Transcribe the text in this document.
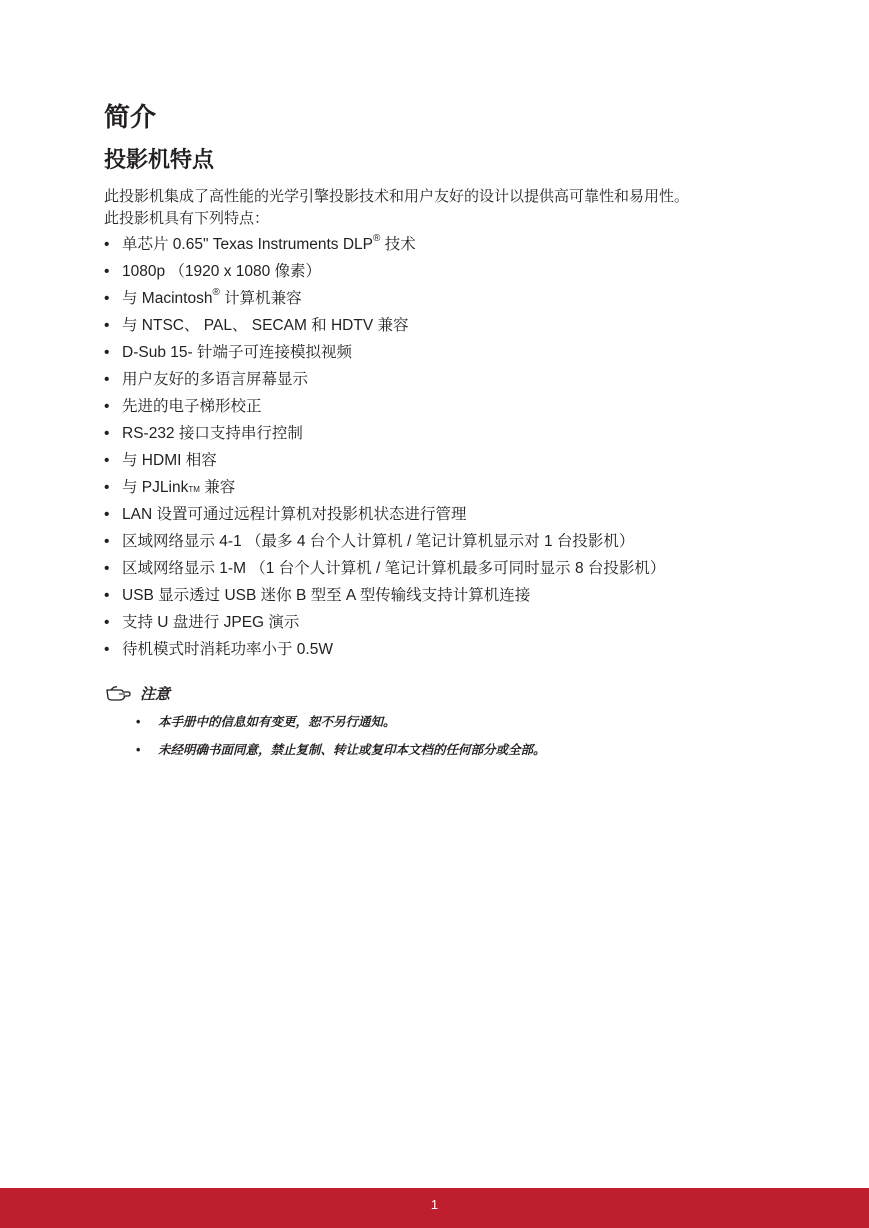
简介
投影机特点

此投影机集成了高性能的光学引擎投影技术和用户友好的设计以提供高可靠性和易用性。

此投影机具有下列特点：

• 单芯片 0.65" Texas Instruments DLP® 技术
• 1080p （1920 x 1080 像素）
• 与 Macintosh® 计算机兼容
• 与 NTSC、 PAL、 SECAM 和 HDTV 兼容
• D-Sub 15- 针端子可连接模拟视频
• 用户友好的多语言屏幕显示
• 先进的电子梯形校正
• RS-232 接口支持串行控制
• 与 HDMI 相容
• 与 PJLinkTM 兼容
• LAN 设置可通过远程计算机对投影机状态进行管理
• 区域网络显示 4-1 （最多 4 台个人计算机 / 笔记计算机显示对 1 台投影机）
• 区域网络显示 1-M （1 台个人计算机 / 笔记计算机最多可同时显示 8 台投影机）
• USB 显示透过 USB 迷你 B 型至 A 型传输线支持计算机连接
• 支持 U 盘进行 JPEG 演示
• 待机模式时消耗功率小于 0.5W
注意
• 本手册中的信息如有变更，恕不另行通知。
• 未经明确书面同意，禁止复制、转让或复印本文档的任何部分或全部。
1
